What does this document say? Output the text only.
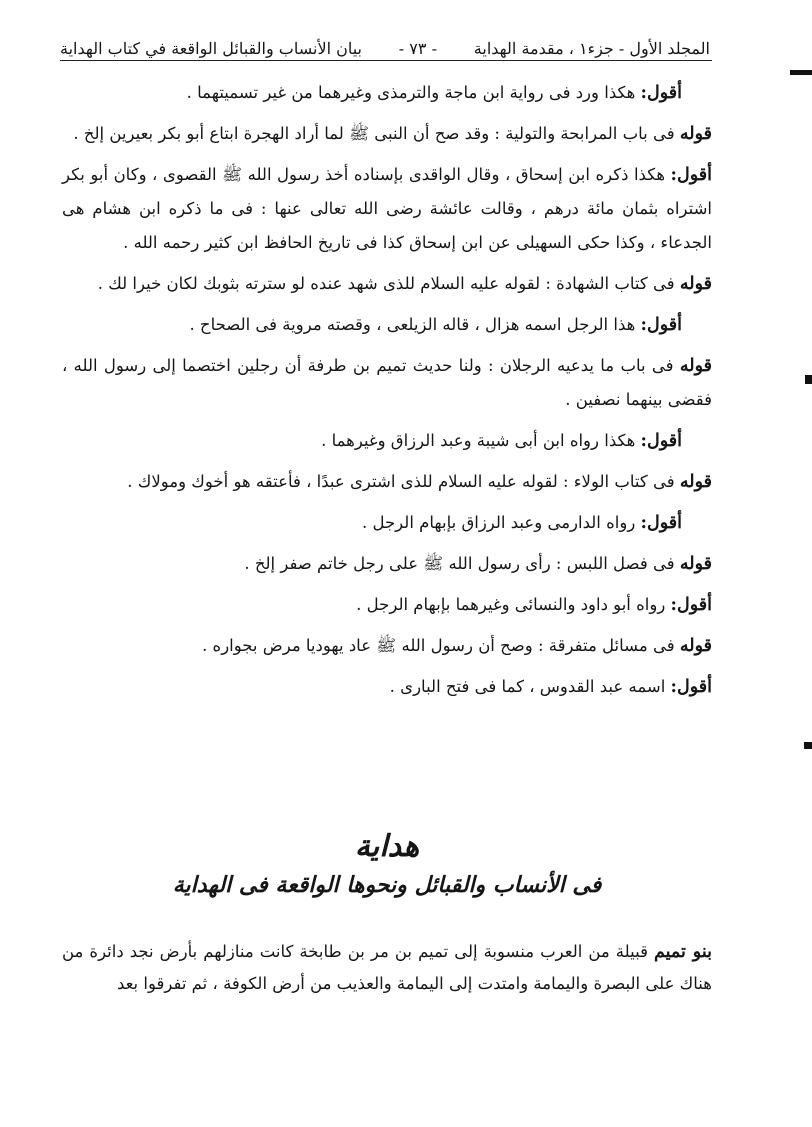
المجلد الأول - جزء١ ، مقدمة الهداية
- ٧٣ -
بيان الأنساب والقبائل الواقعة في كتاب الهداية

أقول: هكذا ورد فى رواية ابن ماجة والترمذى وغيرهما من غير تسميتهما .

قوله فى باب المرابحة والتولية : وقد صح أن النبى ﷺ لما أراد الهجرة ابتاع أبو بكر بعيرين إلخ .

أقول: هكذا ذكره ابن إسحاق ، وقال الواقدى بإسناده أخذ رسول الله ﷺ القصوى ، وكان أبو بكر اشتراه بثمان مائة درهم ، وقالت عائشة رضى الله تعالى عنها : فى ما ذكره ابن هشام هى الجدعاء ، وكذا حكى السهيلى عن ابن إسحاق كذا فى تاريخ الحافظ ابن كثير رحمه الله .

قوله فى كتاب الشهادة : لقوله عليه السلام للذى شهد عنده لو سترته بثوبك لكان خيرا لك .

أقول: هذا الرجل اسمه هزال ، قاله الزيلعى ، وقصته مروية فى الصحاح .

قوله فى باب ما يدعيه الرجلان : ولنا حديث تميم بن طرفة أن رجلين اختصما إلى رسول الله ، فقضى بينهما نصفين .

أقول: هكذا رواه ابن أبى شيبة وعبد الرزاق وغيرهما .

قوله فى كتاب الولاء : لقوله عليه السلام للذى اشترى عبدًا ، فأعتقه هو أخوك ومولاك .

أقول: رواه الدارمى وعبد الرزاق بإبهام الرجل .

قوله فى فصل اللبس : رأى رسول الله ﷺ على رجل خاتم صفر إلخ .

أقول: رواه أبو داود والنسائى وغيرهما بإبهام الرجل .

قوله فى مسائل متفرقة : وصح أن رسول الله ﷺ عاد يهوديا مرض بجواره .

أقول: اسمه عبد القدوس ، كما فى فتح البارى .

هداية
فى الأنساب والقبائل ونحوها الواقعة فى الهداية
بنو تميم قبيلة من العرب منسوبة إلى تميم بن مر بن طابخة كانت منازلهم بأرض نجد دائرة من هناك على البصرة واليمامة وامتدت إلى اليمامة والعذيب من أرض الكوفة ، ثم تفرقوا بعد
